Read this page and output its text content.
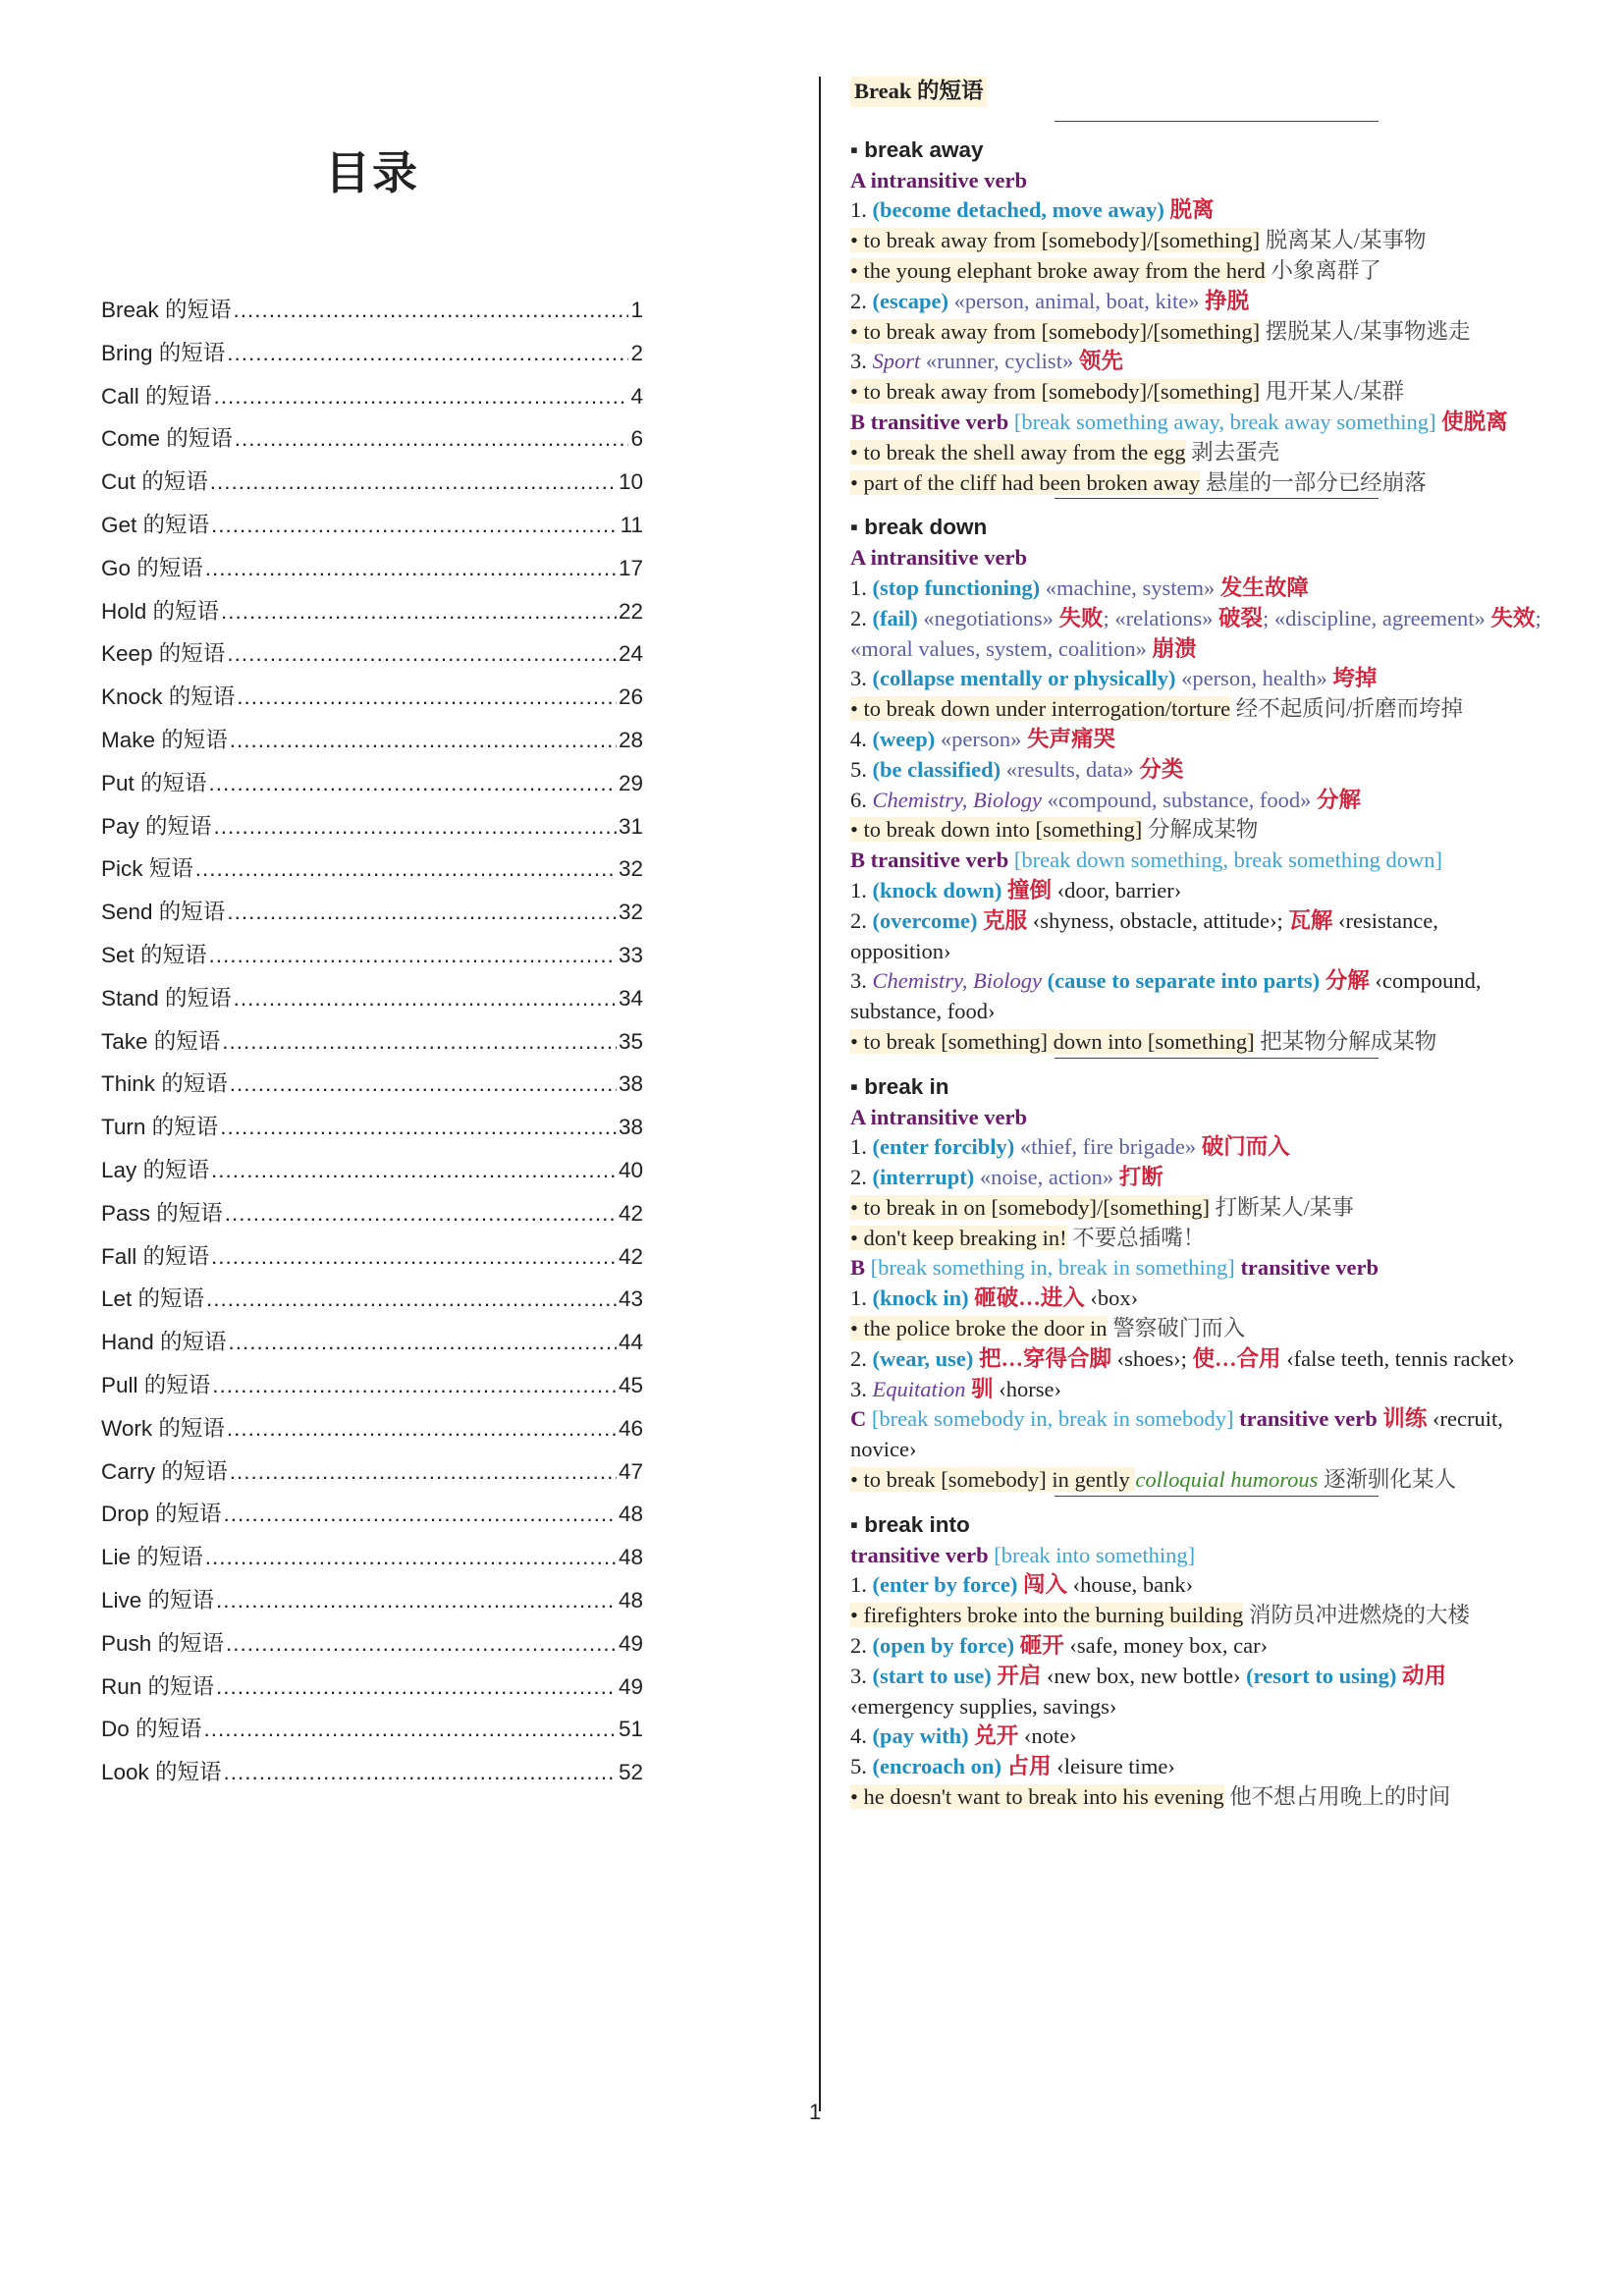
目录
Break 的短语 .....	1
Bring 的短语 .....	2
Call 的短语 .....	4
Come 的短语 .....	6
Cut 的短语 .....	10
Get 的短语 .....	11
Go 的短语 .....	17
Hold 的短语 .....	22
Keep 的短语 .....	24
Knock 的短语 .....	26
Make 的短语 .....	28
Put 的短语 .....	29
Pay 的短语 .....	31
Pick 短语 .....	32
Send 的短语 .....	32
Set 的短语 .....	33
Stand 的短语 .....	34
Take 的短语 .....	35
Think 的短语 .....	38
Turn 的短语 .....	38
Lay 的短语 .....	40
Pass 的短语 .....	42
Fall 的短语 .....	42
Let 的短语 .....	43
Hand 的短语 .....	44
Pull 的短语 .....	45
Work 的短语 .....	46
Carry 的短语 .....	47
Drop 的短语 .....	48
Lie 的短语 .....	48
Live 的短语 .....	48
Push 的短语 .....	49
Run 的短语 .....	49
Do 的短语 .....	51
Look 的短语 .....	52
Break 的短语
▪ break away
A intransitive verb
1. (become detached, move away) 脱离
• to break away from [somebody]/[something] 脱离某人/某事物
• the young elephant broke away from the herd 小象离群了
2. (escape) «person, animal, boat, kite» 挣脱
• to break away from [somebody]/[something] 摆脱某人/某事物逃走
3. Sport «runner, cyclist» 领先
• to break away from [somebody]/[something] 甩开某人/某群
B transitive verb [break something away, break away something] 使脱离
• to break the shell away from the egg 剥去蛋壳
• part of the cliff had been broken away 悬崖的一部分已经崩落
▪ break down
A intransitive verb
1. (stop functioning) «machine, system» 发生故障
2. (fail) «negotiations» 失败; «relations» 破裂; «discipline, agreement» 失效; «moral values, system, coalition» 崩溃
3. (collapse mentally or physically) «person, health» 垮掉
• to break down under interrogation/torture 经不起质问/折磨而垮掉
4. (weep) «person» 失声痛哭
5. (be classified) «results, data» 分类
6. Chemistry, Biology «compound, substance, food» 分解
• to break down into [something] 分解成某物
B transitive verb [break down something, break something down]
1. (knock down) 撞倒 ‹door, barrier›
2. (overcome) 克服 ‹shyness, obstacle, attitude›; 瓦解 ‹resistance, opposition›
3. Chemistry, Biology (cause to separate into parts) 分解 ‹compound, substance, food›
• to break [something] down into [something] 把某物分解成某物
▪ break in
A intransitive verb
1. (enter forcibly) «thief, fire brigade» 破门而入
2. (interrupt) «noise, action» 打断
• to break in on [somebody]/[something] 打断某人/某事
• don't keep breaking in! 不要总插嘴！
B [break something in, break in something] transitive verb
1. (knock in) 砸破…进入 ‹box›
• the police broke the door in 警察破门而入
2. (wear, use) 把…穿得合脚 ‹shoes›; 使…合用 ‹false teeth, tennis racket›
3. Equitation 驯 ‹horse›
C [break somebody in, break in somebody] transitive verb 训练 ‹recruit, novice›
• to break [somebody] in gently colloquial humorous 逐渐驯化某人
▪ break into
transitive verb [break into something]
1. (enter by force) 闯入 ‹house, bank›
• firefighters broke into the burning building 消防员冲进燃烧的大楼
2. (open by force) 砸开 ‹safe, money box, car›
3. (start to use) 开启 ‹new box, new bottle› (resort to using) 动用 ‹emergency supplies, savings›
4. (pay with) 兑开 ‹note›
5. (encroach on) 占用 ‹leisure time›
• he doesn't want to break into his evening 他不想占用晚上的时间
1
